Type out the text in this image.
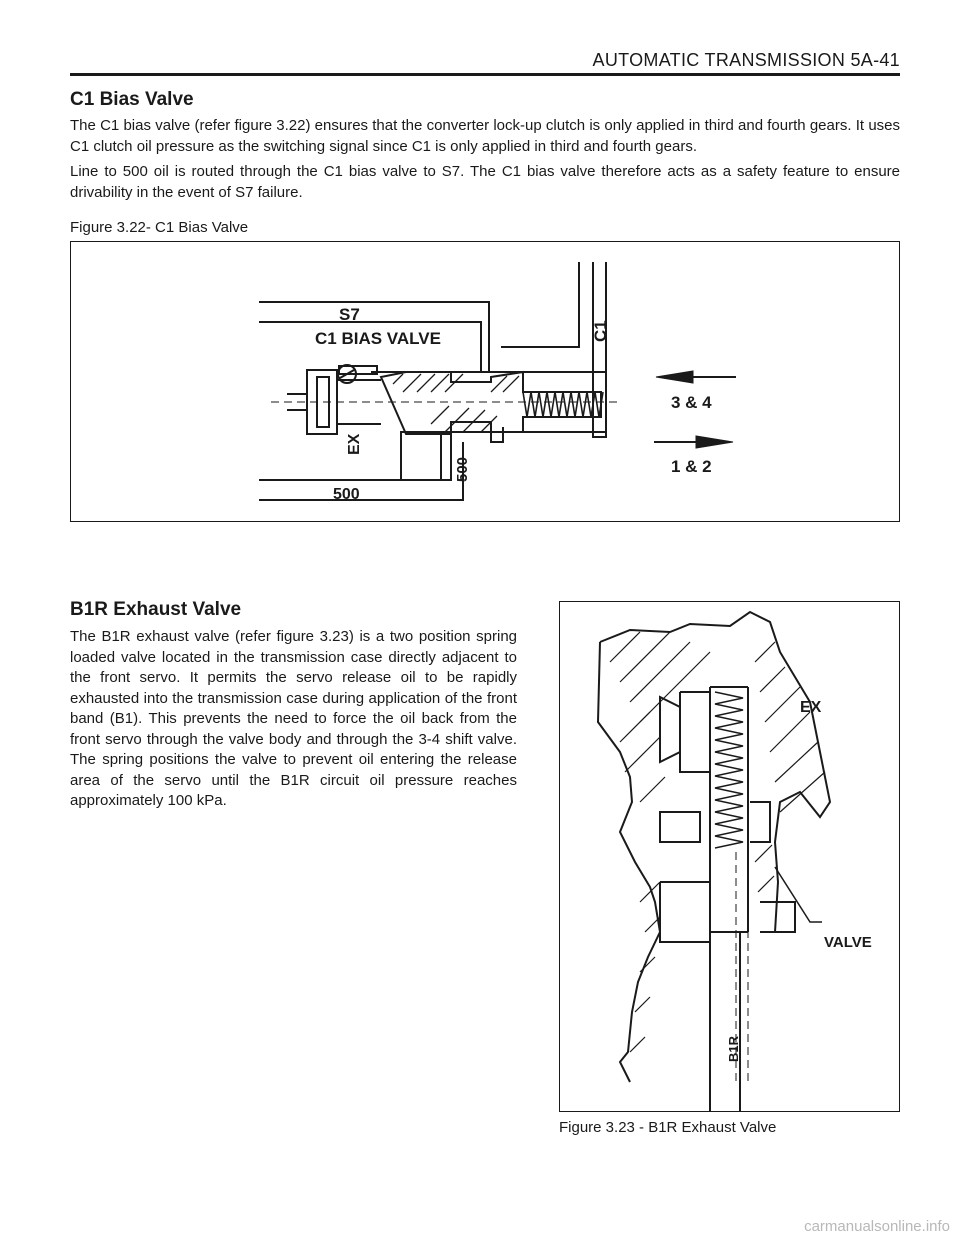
AUTOMATIC TRANSMISSION 5A-41
C1 Bias Valve

The C1 bias valve (refer figure 3.22) ensures that the converter lock-up clutch is only applied in third and fourth gears. It uses C1 clutch oil pressure as the switching signal since C1 is only applied in third and fourth gears.

Line to 500 oil is routed through the C1 bias valve to S7. The C1 bias valve therefore acts as a safety feature to ensure drivability in the event of S7 failure.

Figure 3.22- C1 Bias Valve
S7
C1 BIAS VALVE	C1
EX
500
500
3 & 4
1 & 2
B1R Exhaust Valve

The B1R exhaust valve (refer figure 3.23) is a two position spring loaded valve located in the transmission case directly adjacent to the front servo. It permits the servo release oil to be rapidly exhausted into the transmission case during application of the front band (B1). This prevents the need to force the oil back from the front servo through the valve body and through the 3-4 shift valve. The spring positions the valve to prevent oil entering the release area of the servo until the B1R circuit oil pressure reaches approximately 100 kPa.

EX
VALVE
B1R
Figure 3.23 - B1R Exhaust Valve
carmanualsonline.info
